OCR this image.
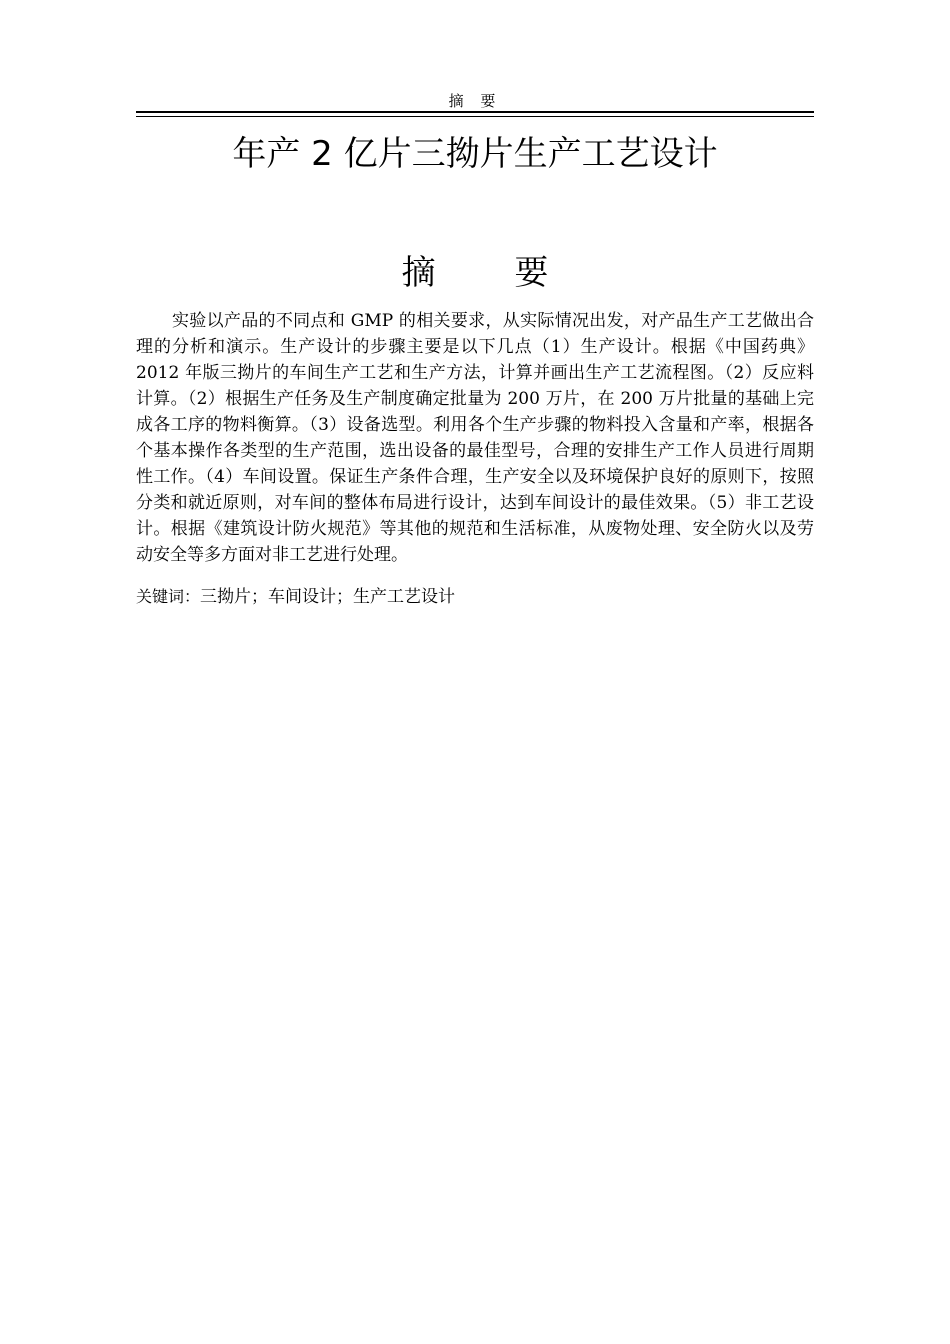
摘 要
年产 2 亿片三拗片生产工艺设计
摘 要

实验以产品的不同点和 GMP 的相关要求，从实际情况出发，对产品生产工艺做出合理的分析和演示。生产设计的步骤主要是以下几点（1）生产设计。根据《中国药典》2012 年版三拗片的车间生产工艺和生产方法，计算并画出生产工艺流程图。（2）反应料计算。（2）根据生产任务及生产制度确定批量为 200 万片，在 200 万片批量的基础上完成各工序的物料衡算。（3）设备选型。利用各个生产步骤的物料投入含量和产率，根据各个基本操作各类型的生产范围，选出设备的最佳型号，合理的安排生产工作人员进行周期性工作。（4）车间设置。保证生产条件合理，生产安全以及环境保护良好的原则下，按照分类和就近原则，对车间的整体布局进行设计，达到车间设计的最佳效果。（5）非工艺设计。根据《建筑设计防火规范》等其他的规范和生活标准，从废物处理、安全防火以及劳动安全等多方面对非工艺进行处理。

关键词：三拗片；车间设计；生产工艺设计
